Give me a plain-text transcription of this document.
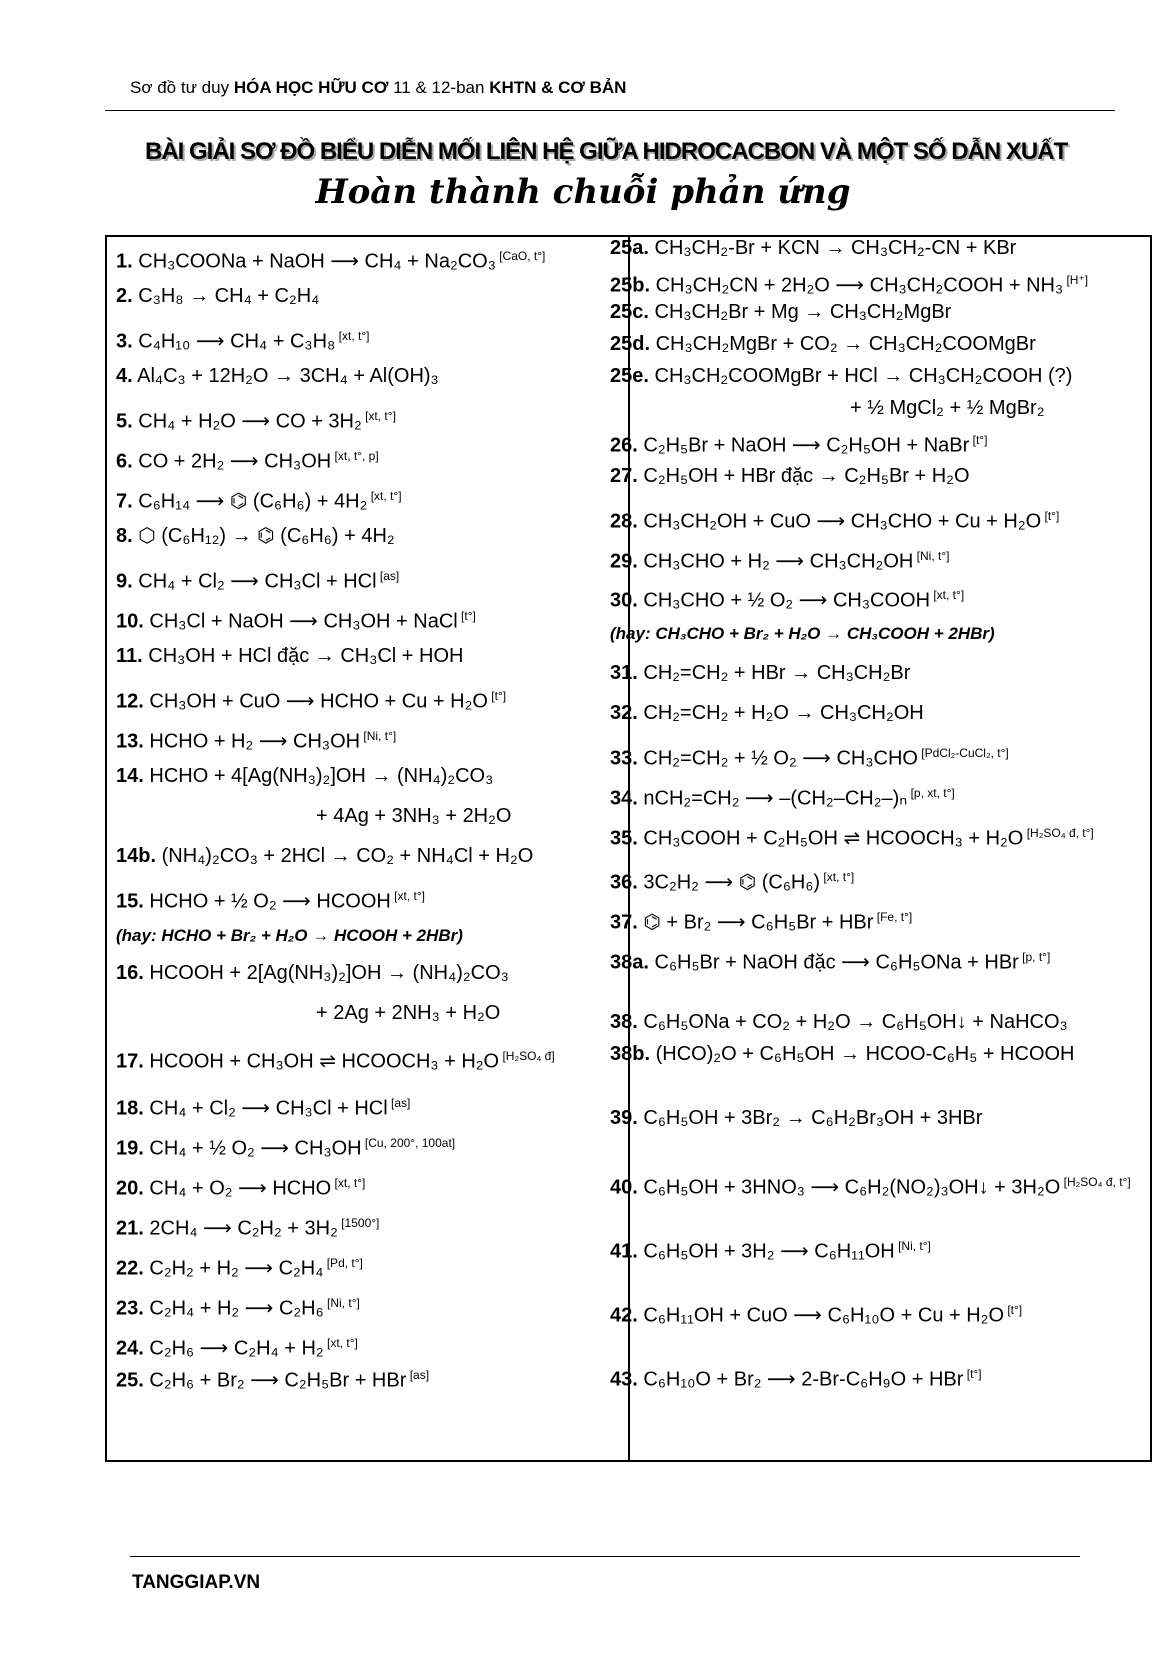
Sơ đồ tư duy HÓA HỌC HỮU CƠ 11 & 12-ban KHTN & CƠ BẢN
BÀI GIẢI SƠ ĐỒ BIỂU DIỄN MỐI LIÊN HỆ GIỮA HIDROCACBON VÀ MỘT SỐ DẪN XUẤT
Hoàn thành chuỗi phản ứng
TANGGIAP.VN
1. CH₃COONa + NaOH ⟶ CH₄ + Na₂CO₃ [CaO, t°]
2. C₃H₈ → CH₄ + C₂H₄
3. C₄H₁₀ ⟶ CH₄ + C₃H₈ [xt, t°]
4. Al₄C₃ + 12H₂O → 3CH₄ + Al(OH)₃
5. CH₄ + H₂O ⟶ CO + 3H₂ [xt, t°]
6. CO + 2H₂ ⟶ CH₃OH [xt, t°, p]
7. C₆H₁₄ ⟶ ⌬ (C₆H₆) + 4H₂ [xt, t°]
8. ⬡ (C₆H₁₂) → ⌬ (C₆H₆) + 4H₂
9. CH₄ + Cl₂ ⟶ CH₃Cl + HCl [as]
10. CH₃Cl + NaOH ⟶ CH₃OH + NaCl [t°]
11. CH₃OH + HCl đặc → CH₃Cl + HOH
12. CH₃OH + CuO ⟶ HCHO + Cu + H₂O [t°]
13. HCHO + H₂ ⟶ CH₃OH [Ni, t°]
14. HCHO + 4[Ag(NH₃)₂]OH → (NH₄)₂CO₃
+ 4Ag + 3NH₃ + 2H₂O
14b. (NH₄)₂CO₃ + 2HCl → CO₂ + NH₄Cl + H₂O
15. HCHO + ½ O₂ ⟶ HCOOH [xt, t°]
(hay: HCHO + Br₂ + H₂O → HCOOH + 2HBr)
16. HCOOH + 2[Ag(NH₃)₂]OH → (NH₄)₂CO₃
+ 2Ag + 2NH₃ + H₂O
17. HCOOH + CH₃OH ⇌ HCOOCH₃ + H₂O [H₂SO₄ đ]
18. CH₄ + Cl₂ ⟶ CH₃Cl + HCl [as]
19. CH₄ + ½ O₂ ⟶ CH₃OH [Cu, 200°, 100at]
20. CH₄ + O₂ ⟶ HCHO [xt, t°]
21. 2CH₄ ⟶ C₂H₂ + 3H₂ [1500°]
22. C₂H₂ + H₂ ⟶ C₂H₄ [Pd, t°]
23. C₂H₄ + H₂ ⟶ C₂H₆ [Ni, t°]
24. C₂H₆ ⟶ C₂H₄ + H₂ [xt, t°]
25. C₂H₆ + Br₂ ⟶ C₂H₅Br + HBr [as]
25a. CH₃CH₂-Br + KCN → CH₃CH₂-CN + KBr
25b. CH₃CH₂CN + 2H₂O ⟶ CH₃CH₂COOH + NH₃ [H⁺]
25c. CH₃CH₂Br + Mg → CH₃CH₂MgBr
25d. CH₃CH₂MgBr + CO₂ → CH₃CH₂COOMgBr
25e. CH₃CH₂COOMgBr + HCl → CH₃CH₂COOH (?)
+ ½ MgCl₂ + ½ MgBr₂
26. C₂H₅Br + NaOH ⟶ C₂H₅OH + NaBr [t°]
27. C₂H₅OH + HBr đặc → C₂H₅Br + H₂O
28. CH₃CH₂OH + CuO ⟶ CH₃CHO + Cu + H₂O [t°]
29. CH₃CHO + H₂ ⟶ CH₃CH₂OH [Ni, t°]
30. CH₃CHO + ½ O₂ ⟶ CH₃COOH [xt, t°]
(hay: CH₃CHO + Br₂ + H₂O → CH₃COOH + 2HBr)
31. CH₂=CH₂ + HBr → CH₃CH₂Br
32. CH₂=CH₂ + H₂O → CH₃CH₂OH
33. CH₂=CH₂ + ½ O₂ ⟶ CH₃CHO [PdCl₂-CuCl₂, t°]
34. nCH₂=CH₂ ⟶ –(CH₂–CH₂–)ₙ [p, xt, t°]
35. CH₃COOH + C₂H₅OH ⇌ HCOOCH₃ + H₂O [H₂SO₄ đ, t°]
36. 3C₂H₂ ⟶ ⌬ (C₆H₆) [xt, t°]
37. ⌬ + Br₂ ⟶ C₆H₅Br + HBr [Fe, t°]
38a. C₆H₅Br + NaOH đặc ⟶ C₆H₅ONa + HBr [p, t°]
38. C₆H₅ONa + CO₂ + H₂O → C₆H₅OH↓ + NaHCO₃
38b. (HCO)₂O + C₆H₅OH → HCOO-C₆H₅ + HCOOH
39. C₆H₅OH + 3Br₂ → C₆H₂Br₃OH + 3HBr
40. C₆H₅OH + 3HNO₃ ⟶ C₆H₂(NO₂)₃OH↓ + 3H₂O [H₂SO₄ đ, t°]
41. C₆H₅OH + 3H₂ ⟶ C₆H₁₁OH [Ni, t°]
42. C₆H₁₁OH + CuO ⟶ C₆H₁₀O + Cu + H₂O [t°]
43. C₆H₁₀O + Br₂ ⟶ 2-Br-C₆H₉O + HBr [t°]
